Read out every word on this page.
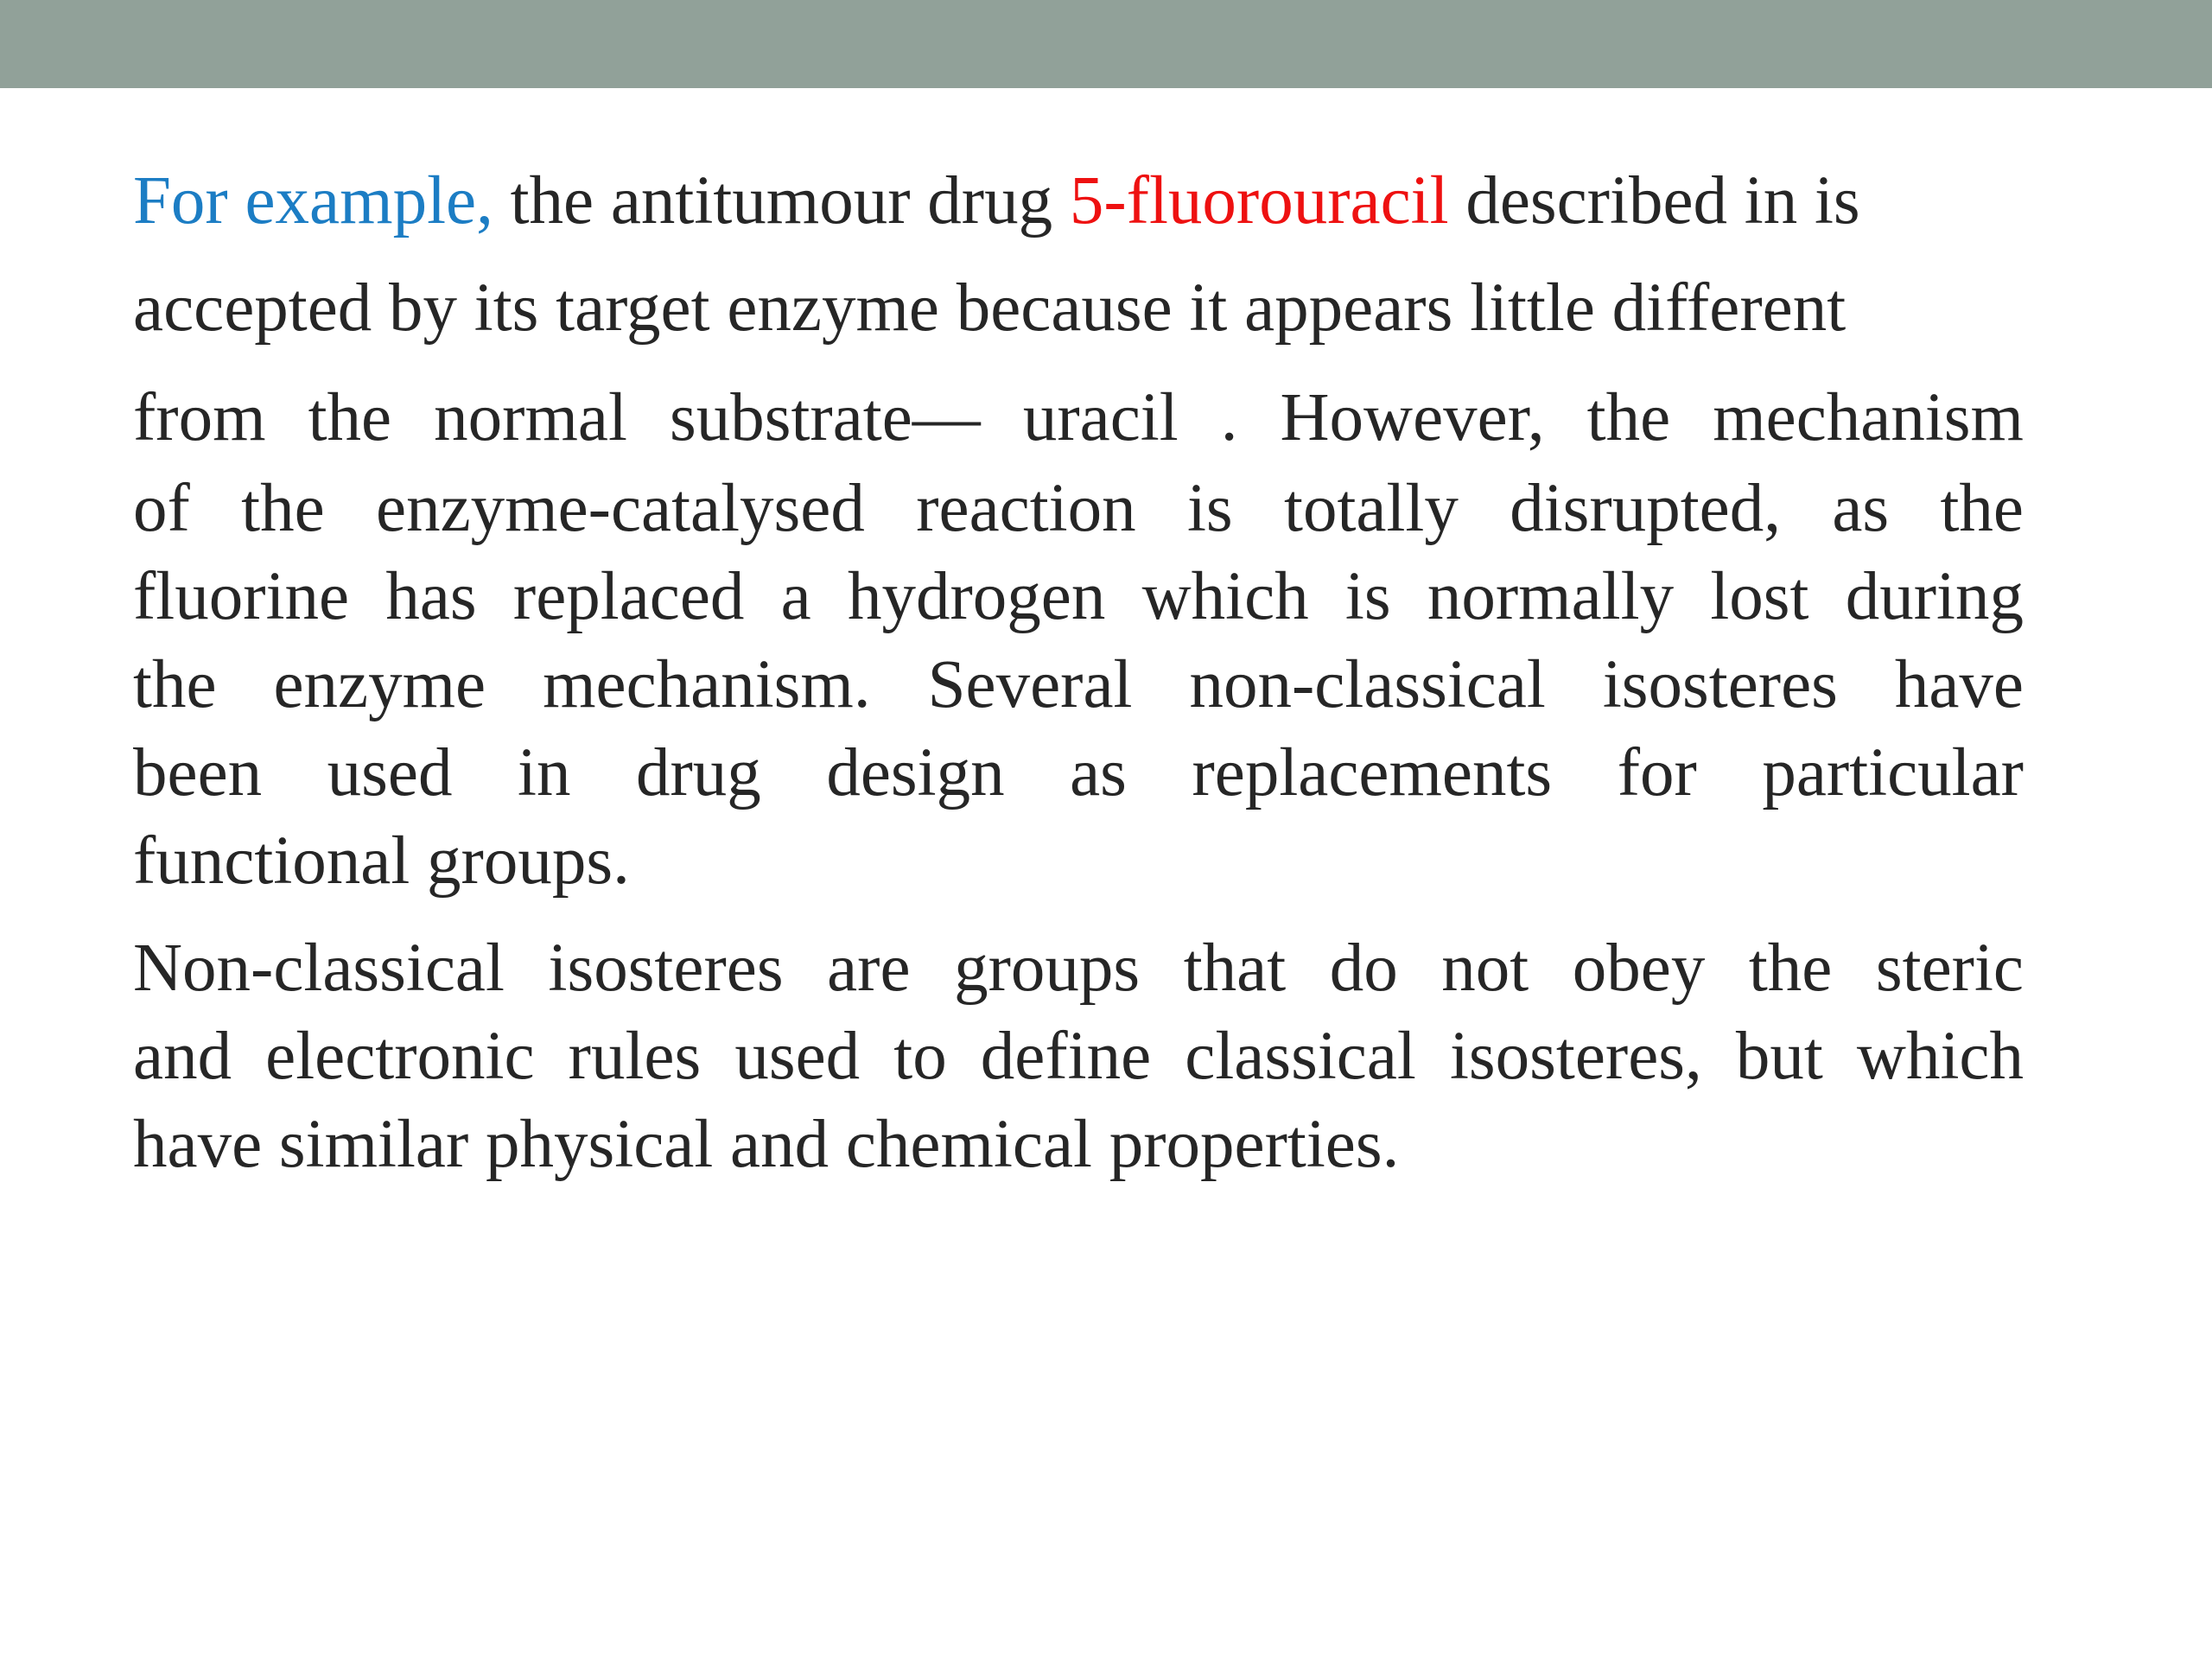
For example, the antitumour drug 5-fluorouracil described in is
accepted by its target enzyme because it appears little different
from the normal substrate— uracil . However, the mechanism
of the enzyme-catalysed reaction is totally disrupted, as the
fluorine has replaced a hydrogen which is normally lost during
the enzyme mechanism. Several non-classical isosteres have
been used in drug design as replacements for particular
functional groups.
Non-classical isosteres are groups that do not obey the steric
and electronic rules used to define classical isosteres, but which
have similar physical and chemical properties.
